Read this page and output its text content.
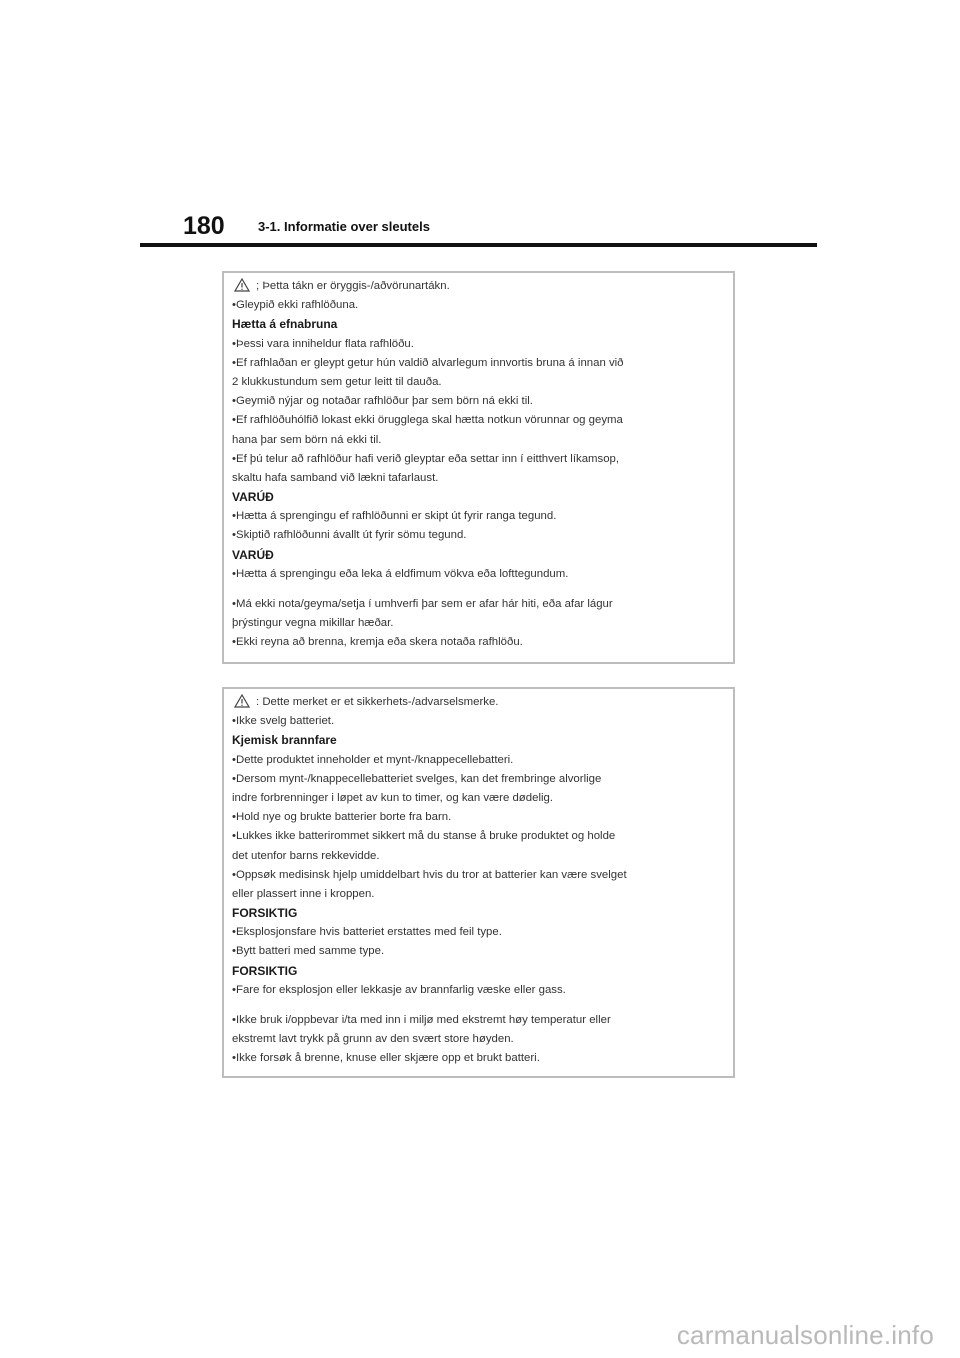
180	3-1. Informatie over sleutels
; Þetta tákn er öryggis-/aðvörunartákn.
•Gleypið ekki rafhlöðuna.
Hætta á efnabruna
•Þessi vara inniheldur flata rafhlöðu.
•Ef rafhlaðan er gleypt getur hún valdið alvarlegum innvortis bruna á innan við
2 klukkustundum sem getur leitt til dauða.
•Geymið nýjar og notaðar rafhlöður þar sem börn ná ekki til.
•Ef rafhlöðuhólfið lokast ekki örugglega skal hætta notkun vörunnar og geyma
hana þar sem börn ná ekki til.
•Ef þú telur að rafhlöður hafi verið gleyptar eða settar inn í eitthvert líkamsop,
skaltu hafa samband við lækni tafarlaust.
VARÚÐ
•Hætta á sprengingu ef rafhlöðunni er skipt út fyrir ranga tegund.
•Skiptið rafhlöðunni ávallt út fyrir sömu tegund.
VARÚÐ
•Hætta á sprengingu eða leka á eldfimum vökva eða lofttegundum.
•Má ekki nota/geyma/setja í umhverfi þar sem er afar hár hiti, eða afar lágur
þrýstingur vegna mikillar hæðar.
•Ekki reyna að brenna, kremja eða skera notaða rafhlöðu.
: Dette merket er et sikkerhets-/advarselsmerke.
•Ikke svelg batteriet.
Kjemisk brannfare
•Dette produktet inneholder et mynt-/knappecellebatteri.
•Dersom mynt-/knappecellebatteriet svelges, kan det frembringe alvorlige
indre forbrenninger i løpet av kun to timer, og kan være dødelig.
•Hold nye og brukte batterier borte fra barn.
•Lukkes ikke batterirommet sikkert må du stanse å bruke produktet og holde
det utenfor barns rekkevidde.
•Oppsøk medisinsk hjelp umiddelbart hvis du tror at batterier kan være svelget
eller plassert inne i kroppen.
FORSIKTIG
•Eksplosjonsfare hvis batteriet erstattes med feil type.
•Bytt batteri med samme type.
FORSIKTIG
•Fare for eksplosjon eller lekkasje av brannfarlig væske eller gass.
•Ikke bruk i/oppbevar i/ta med inn i miljø med ekstremt høy temperatur eller
ekstremt lavt trykk på grunn av den svært store høyden.
•Ikke forsøk å brenne, knuse eller skjære opp et brukt batteri.
carmanualsonline.info
